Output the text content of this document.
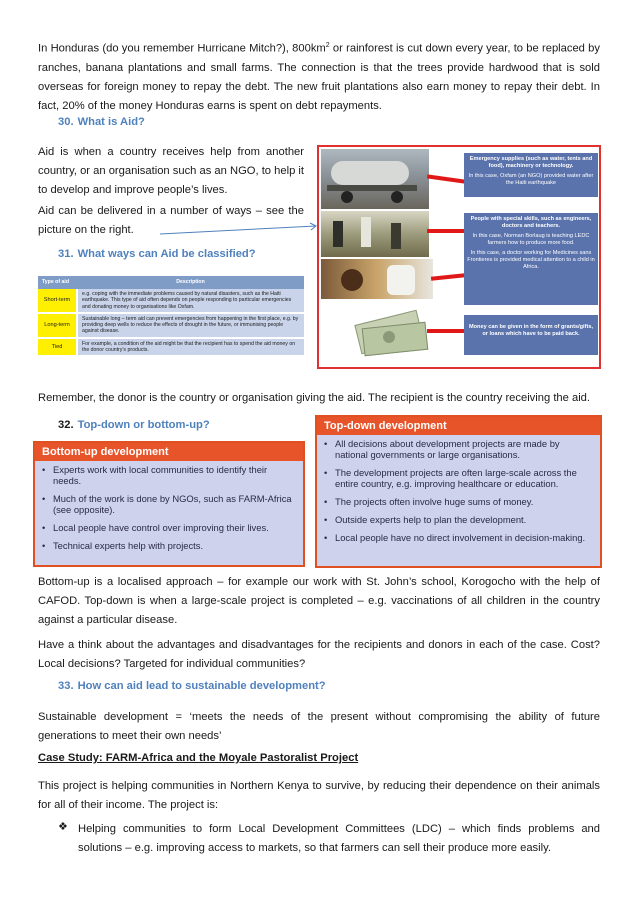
In Honduras (do you remember Hurricane Mitch?), $800km^2$ or rainforest is cut down every year, to be replaced by ranches, banana plantations and small farms. The connection is that the trees provide hardwood that is sold overseas for foreign money to repay the debt. The new fruit plantations also earn money to repay their debt. In fact, 20% of the money Honduras earns is spent on debt repayments.
30. What is Aid?
Aid is when a country receives help from another country, or an organisation such as an NGO, to help it to develop and improve people’s lives.
Aid can be delivered in a number of ways – see the picture on the right.
31. What ways can Aid be classified?
Type of aid	Description
Short-term	e.g. coping with the immediate problems caused by natural disasters, such as the Haiti earthquake. This type of aid often depends on people responding to particular emergencies and donating money to organisations like Oxfam.
Long-term	Sustainable long – term aid can prevent emergencies from happening in the first place, e.g. by providing deep wells to reduce the effects of drought in the future, or immunising people against disease.
Tied	For example, a condition of the aid might be that the recipient has to spend the aid money on the donor country’s products.
Emergency supplies (such as water, tents and food), machinery or technology.
In this case, Oxfam (an NGO) provided water after the Haiti earthquake
People with special skills, such as engineers, doctors and teachers.
In this case, Norman Borlaug is teaching LEDC farmers how to produce more food.
In this case, a doctor working for Medicines sans Frontieres is provided medical attention to a child in Africa.
Money can be given in the form of grants/gifts, or loans which have to be paid back.
Remember, the donor is the country or organisation giving the aid. The recipient is the country receiving the aid.
32. Top-down or bottom-up?
Bottom-up development
• Experts work with local communities to identify their needs.
• Much of the work is done by NGOs, such as FARM-Africa (see opposite).
• Local people have control over improving their lives.
• Technical experts help with projects.
Top-down development
• All decisions about development projects are made by national governments or large organisations.
• The development projects are often large-scale across the entire country, e.g. improving healthcare or education.
• The projects often involve huge sums of money.
• Outside experts help to plan the development.
• Local people have no direct involvement in decision-making.
Bottom-up is a localised approach – for example our work with St. John’s school, Korogocho with the help of CAFOD. Top-down is when a large-scale project is completed – e.g. vaccinations of all children in the country against a particular disease.
Have a think about the advantages and disadvantages for the recipients and donors in each of the case. Cost? Local decisions? Targeted for individual communities?
33. How can aid lead to sustainable development?
Sustainable development = ‘meets the needs of the present without compromising the ability of future generations to meet their own needs’
Case Study: FARM-Africa and the Moyale Pastoralist Project
This project is helping communities in Northern Kenya to survive, by reducing their dependence on their animals for all of their income. The project is:
❖ Helping communities to form Local Development Committees (LDC) – which finds problems and solutions – e.g. improving access to markets, so that farmers can sell their produce more easily.
